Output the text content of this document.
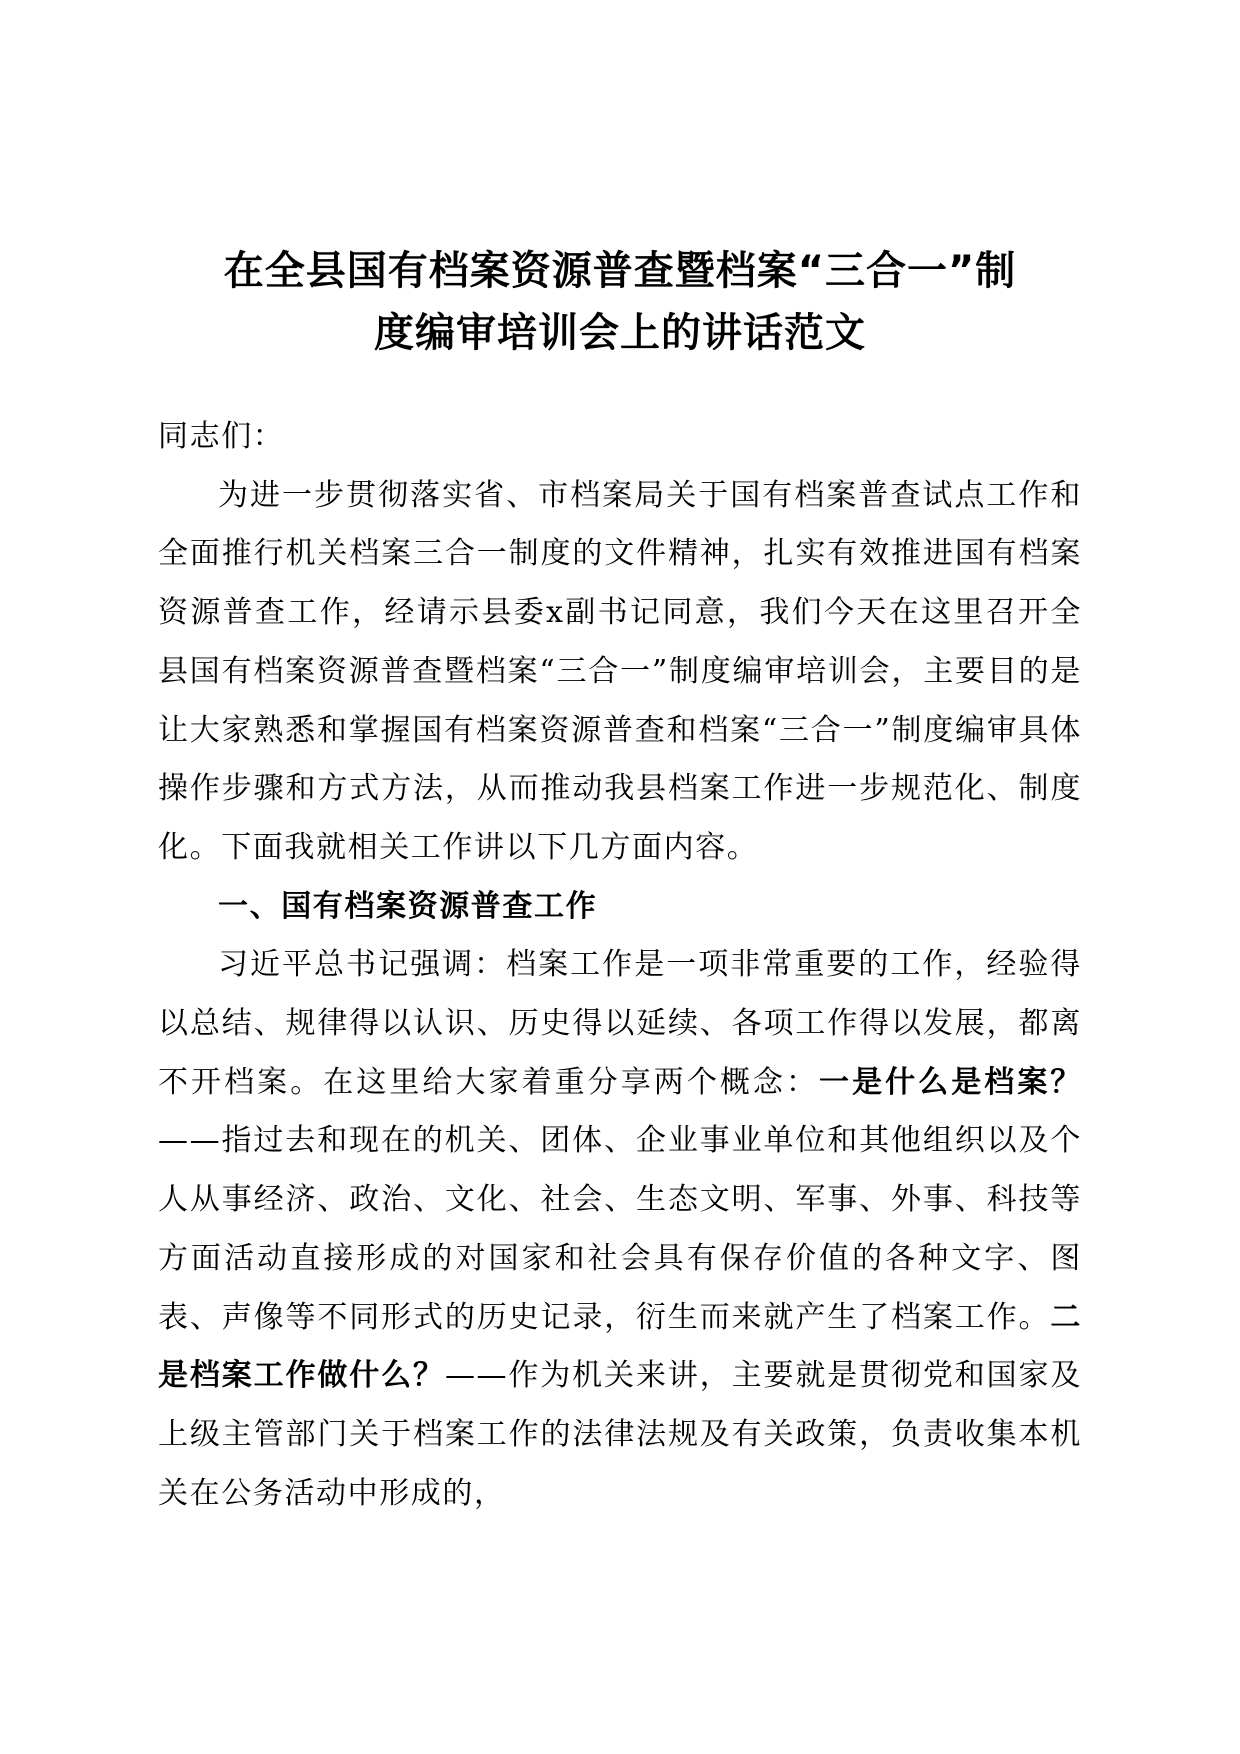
在全县国有档案资源普查暨档案“三合一”制
度编审培训会上的讲话范文

同志们：

为进一步贯彻落实省、市档案局关于国有档案普查试点工作和全面推行机关档案三合一制度的文件精神，扎实有效推进国有档案资源普查工作，经请示县委x副书记同意，我们今天在这里召开全县国有档案资源普查暨档案“三合一”制度编审培训会，主要目的是让大家熟悉和掌握国有档案资源普查和档案“三合一”制度编审具体操作步骤和方式方法，从而推动我县档案工作进一步规范化、制度化。下面我就相关工作讲以下几方面内容。

一、国有档案资源普查工作

习近平总书记强调：档案工作是一项非常重要的工作，经验得以总结、规律得以认识、历史得以延续、各项工作得以发展，都离不开档案。在这里给大家着重分享两个概念：一是什么是档案？——指过去和现在的机关、团体、企业事业单位和其他组织以及个人从事经济、政治、文化、社会、生态文明、军事、外事、科技等方面活动直接形成的对国家和社会具有保存价值的各种文字、图表、声像等不同形式的历史记录，衍生而来就产生了档案工作。二是档案工作做什么？——作为机关来讲，主要就是贯彻党和国家及上级主管部门关于档案工作的法律法规及有关政策，负责收集本机关在公务活动中形成的，
